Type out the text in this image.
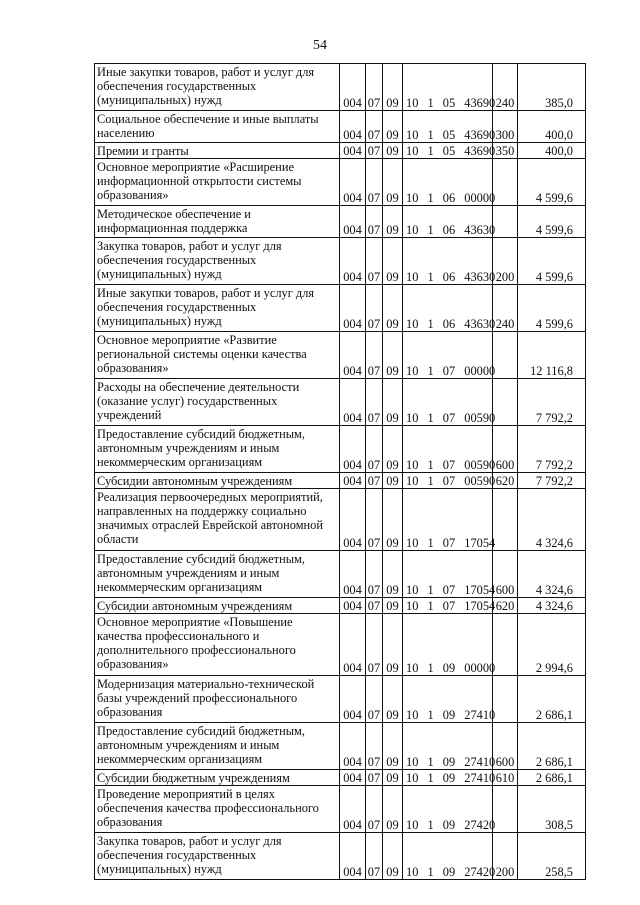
54
Иные закупки товаров, работ и услуг для обеспечения государственных (муниципальных) нужд	004	07	09	10 1 05 43690	240	385,0
Социальное обеспечение и иные выплаты населению	004	07	09	10 1 05 43690	300	400,0
Премии и гранты	004	07	09	10 1 05 43690	350	400,0
Основное мероприятие «Расширение информационной открытости системы образования»	004	07	09	10 1 06 00000		4 599,6
Методическое обеспечение и информационная поддержка	004	07	09	10 1 06 43630		4 599,6
Закупка товаров, работ и услуг для обеспечения государственных (муниципальных) нужд	004	07	09	10 1 06 43630	200	4 599,6
Иные закупки товаров, работ и услуг для обеспечения государственных (муниципальных) нужд	004	07	09	10 1 06 43630	240	4 599,6
Основное мероприятие «Развитие региональной системы оценки качества образования»	004	07	09	10 1 07 00000		12 116,8
Расходы на обеспечение деятельности (оказание услуг) государственных учреждений	004	07	09	10 1 07 00590		7 792,2
Предоставление субсидий бюджетным, автономным учреждениям и иным некоммерческим организациям	004	07	09	10 1 07 00590	600	7 792,2
Субсидии автономным учреждениям	004	07	09	10 1 07 00590	620	7 792,2
Реализация первоочередных мероприятий, направленных на поддержку социально значимых отраслей Еврейской автономной области	004	07	09	10 1 07 17054		4 324,6
Предоставление субсидий бюджетным, автономным учреждениям и иным некоммерческим организациям	004	07	09	10 1 07 17054	600	4 324,6
Субсидии автономным учреждениям	004	07	09	10 1 07 17054	620	4 324,6
Основное мероприятие «Повышение качества профессионального и дополнительного профессионального образования»	004	07	09	10 1 09 00000		2 994,6
Модернизация материально-технической базы учреждений профессионального образования	004	07	09	10 1 09 27410		2 686,1
Предоставление субсидий бюджетным, автономным учреждениям и иным некоммерческим организациям	004	07	09	10 1 09 27410	600	2 686,1
Субсидии бюджетным учреждениям	004	07	09	10 1 09 27410	610	2 686,1
Проведение мероприятий в целях обеспечения качества профессионального образования	004	07	09	10 1 09 27420		308,5
Закупка товаров, работ и услуг для обеспечения государственных (муниципальных) нужд	004	07	09	10 1 09 27420	200	258,5
